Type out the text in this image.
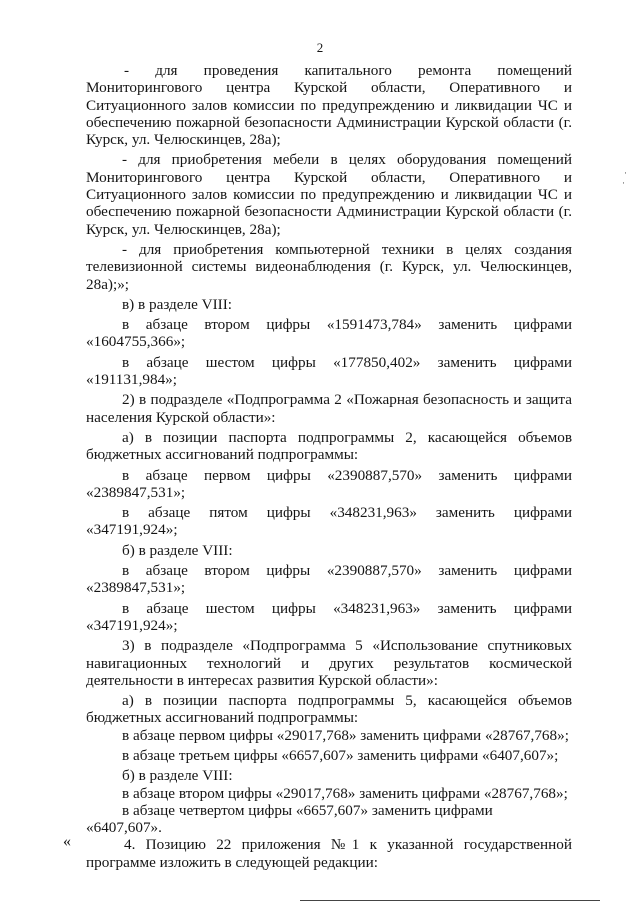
2

- для проведения капитального ремонта помещений Мониторингового центра Курской области, Оперативного и Ситуационного залов комиссии по предупреждению и ликвидации ЧС и обеспечению пожарной безопасности Администрации Курской области (г. Курск, ул. Челюскинцев, 28а);

- для приобретения мебели в целях оборудования помещений Мониторингового центра Курской области, Оперативного и Ситуационного залов комиссии по предупреждению и ликвидации ЧС и обеспечению пожарной безопасности Администрации Курской области (г. Курск, ул. Челюскинцев, 28а);

- для приобретения компьютерной техники в целях создания телевизионной системы видеонаблюдения (г. Курск, ул. Челюскинцев, 28а);»;

в) в разделе VIII:

в абзаце втором цифры «1591473,784» заменить цифрами «1604755,366»;

в абзаце шестом цифры «177850,402» заменить цифрами «191131,984»;

2) в подразделе «Подпрограмма 2 «Пожарная безопасность и защита населения Курской области»:

а) в позиции паспорта подпрограммы 2, касающейся объемов бюджетных ассигнований подпрограммы:

в абзаце первом цифры «2390887,570» заменить цифрами «2389847,531»;

в абзаце пятом цифры «348231,963» заменить цифрами «347191,924»;

б) в разделе VIII:

в абзаце втором цифры «2390887,570» заменить цифрами «2389847,531»;

в абзаце шестом цифры «348231,963» заменить цифрами «347191,924»;

3) в подразделе «Подпрограмма 5 «Использование спутниковых навигационных технологий и других результатов космической деятельности в интересах развития Курской области»:

а) в позиции паспорта подпрограммы 5, касающейся объемов бюджетных ассигнований подпрограммы:

в абзаце первом цифры «29017,768» заменить цифрами «28767,768»;

в абзаце третьем цифры «6657,607» заменить цифрами «6407,607»;

б) в разделе VIII:

в абзаце втором цифры «29017,768» заменить цифрами «28767,768»;

в абзаце четвертом цифры «6657,607» заменить цифрами «6407,607».

4. Позицию 22 приложения №1 к указанной государственной программе изложить в следующей редакции:

«
·
·
